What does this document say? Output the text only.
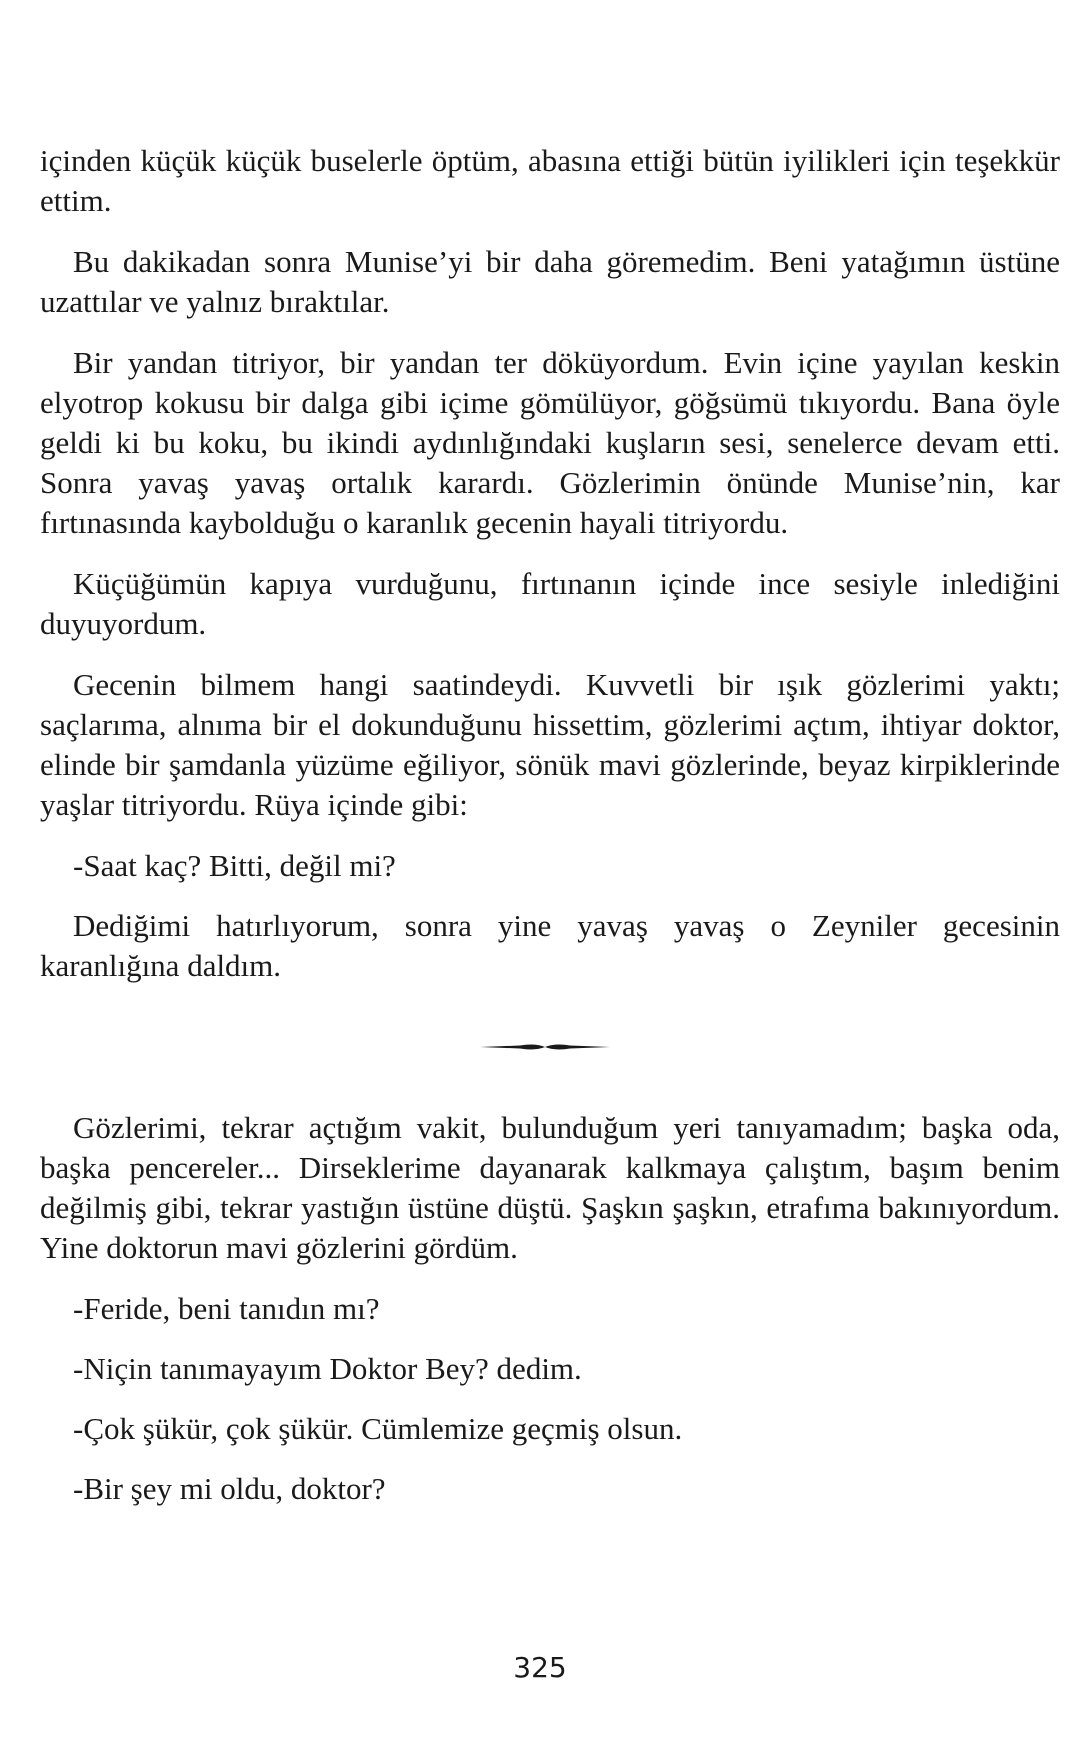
içinden küçük küçük buselerle öptüm, abasına ettiği bütün iyilikleri için teşekkür ettim.

Bu dakikadan sonra Munise’yi bir daha göremedim. Beni yatağımın üstüne uzattılar ve yalnız bıraktılar.

Bir yandan titriyor, bir yandan ter döküyordum. Evin içine yayılan keskin elyotrop kokusu bir dalga gibi içime gömülüyor, göğsümü tıkıyordu. Bana öyle geldi ki bu koku, bu ikindi aydınlığındaki kuşların sesi, senelerce devam etti. Sonra yavaş yavaş ortalık karardı. Gözlerimin önünde Munise’nin, kar fırtınasında kaybolduğu o karanlık gecenin hayali titriyordu.

Küçüğümün kapıya vurduğunu, fırtınanın içinde ince sesiyle inlediğini duyuyordum.

Gecenin bilmem hangi saatindeydi. Kuvvetli bir ışık gözlerimi yaktı; saçlarıma, alnıma bir el dokunduğunu hissettim, gözlerimi açtım, ihtiyar doktor, elinde bir şamdanla yüzüme eğiliyor, sönük mavi gözlerinde, beyaz kirpiklerinde yaşlar titriyordu. Rüya içinde gibi:

-Saat kaç? Bitti, değil mi?

Dediğimi hatırlıyorum, sonra yine yavaş yavaş o Zeyniler gecesinin karanlığına daldım.

Gözlerimi, tekrar açtığım vakit, bulunduğum yeri tanıyamadım; başka oda, başka pencereler... Dirseklerime dayanarak kalkmaya çalıştım, başım benim değilmiş gibi, tekrar yastığın üstüne düştü. Şaşkın şaşkın, etrafıma bakınıyordum. Yine doktorun mavi gözlerini gördüm.

-Feride, beni tanıdın mı?

-Niçin tanımayayım Doktor Bey? dedim.

-Çok şükür, çok şükür. Cümlemize geçmiş olsun.

-Bir şey mi oldu, doktor?

325
